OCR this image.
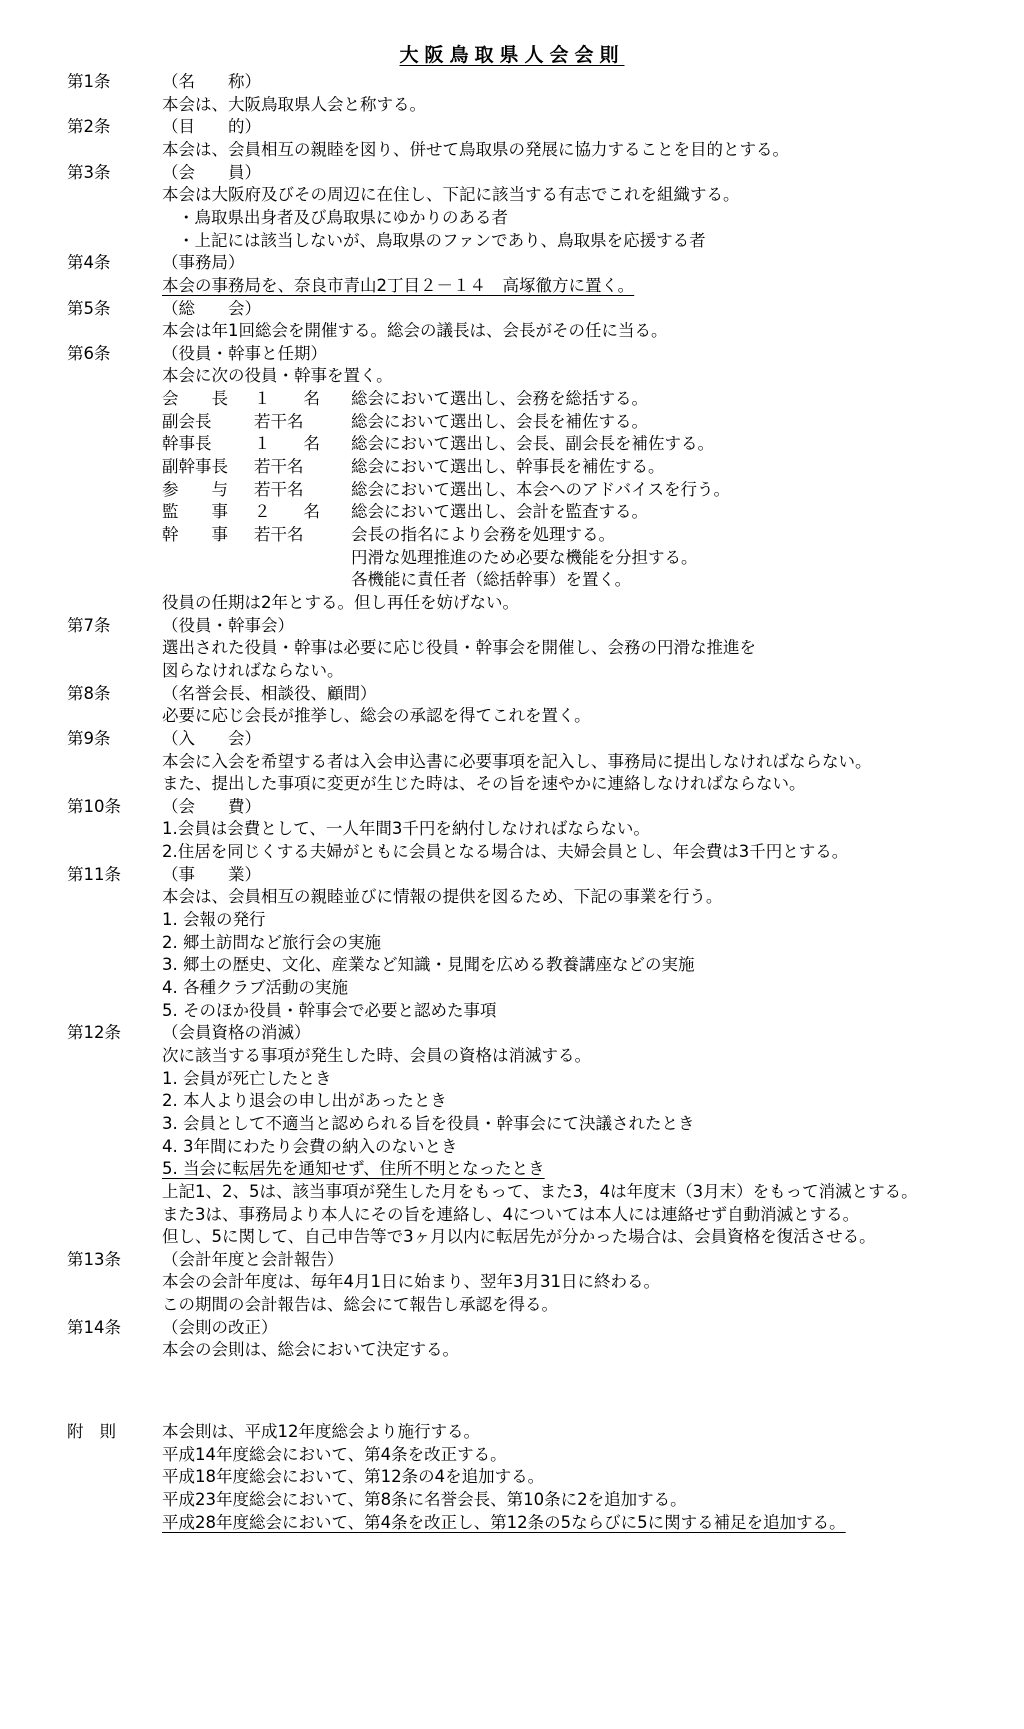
大阪鳥取県人会会則
第1条	（名　　称）
本会は、大阪鳥取県人会と称する。
第2条	（目　　的）
本会は、会員相互の親睦を図り、併せて鳥取県の発展に協力することを目的とする。
第3条	（会　　員）
本会は大阪府及びその周辺に在住し、下記に該当する有志でこれを組織する。
・鳥取県出身者及び鳥取県にゆかりのある者
・上記には該当しないが、鳥取県のファンであり、鳥取県を応援する者
第4条	（事務局）
本会の事務局を、奈良市青山2丁目２－１４　高塚徹方に置く。
第5条	（総　　会）
本会は年1回総会を開催する。総会の議長は、会長がその任に当る。
第6条	（役員・幹事と任期）
本会に次の役員・幹事を置く。
会　　長 １　　名 総会において選出し、会務を総括する。
副会長	若干名	総会において選出し、会長を補佐する。
幹事長	１　　名 総会において選出し、会長、副会長を補佐する。
副幹事長 若干名	総会において選出し、幹事長を補佐する。
参　　与 若干名	総会において選出し、本会へのアドバイスを行う。
監　　事 ２　　名 総会において選出し、会計を監査する。
幹　　事 若干名	会長の指名により会務を処理する。
円滑な処理推進のため必要な機能を分担する。
各機能に責任者（総括幹事）を置く。
役員の任期は2年とする。但し再任を妨げない。
第7条	（役員・幹事会）
選出された役員・幹事は必要に応じ役員・幹事会を開催し、会務の円滑な推進を
図らなければならない。
第8条	（名誉会長、相談役、顧問）
必要に応じ会長が推挙し、総会の承認を得てこれを置く。
第9条	（入　　会）
本会に入会を希望する者は入会申込書に必要事項を記入し、事務局に提出しなければならない。
また、提出した事項に変更が生じた時は、その旨を速やかに連絡しなければならない。
第10条 （会　　費）
1.会員は会費として、一人年間3千円を納付しなければならない。
2.住居を同じくする夫婦がともに会員となる場合は、夫婦会員とし、年会費は3千円とする。
第11条 （事　　業）
本会は、会員相互の親睦並びに情報の提供を図るため、下記の事業を行う。
1. 会報の発行
2. 郷土訪問など旅行会の実施
3. 郷土の歴史、文化、産業など知識・見聞を広める教養講座などの実施
4. 各種クラブ活動の実施
5. そのほか役員・幹事会で必要と認めた事項
第12条 （会員資格の消滅）
次に該当する事項が発生した時、会員の資格は消滅する。
1. 会員が死亡したとき
2. 本人より退会の申し出があったとき
3. 会員として不適当と認められる旨を役員・幹事会にて決議されたとき
4. 3年間にわたり会費の納入のないとき
5. 当会に転居先を通知せず、住所不明となったとき
上記1、2、5は、該当事項が発生した月をもって、また3，4は年度末（3月末）をもって消滅とする。
また3は、事務局より本人にその旨を連絡し、4については本人には連絡せず自動消滅とする。
但し、5に関して、自己申告等で3ヶ月以内に転居先が分かった場合は、会員資格を復活させる。
第13条 （会計年度と会計報告）
本会の会計年度は、毎年4月1日に始まり、翌年3月31日に終わる。
この期間の会計報告は、総会にて報告し承認を得る。
第14条 （会則の改正）
本会の会則は、総会において決定する。
附則 本会則は、平成12年度総会より施行する。
平成14年度総会において、第4条を改正する。
平成18年度総会において、第12条の4を追加する。
平成23年度総会において、第8条に名誉会長、第10条に2を追加する。
平成28年度総会において、第4条を改正し、第12条の5ならびに5に関する補足を追加する。
